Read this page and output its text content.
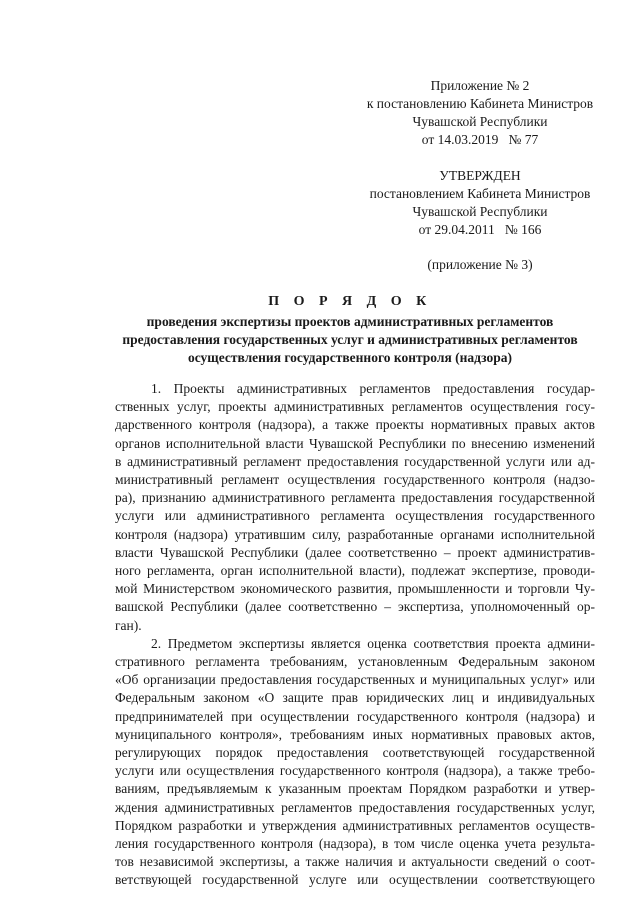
Приложение № 2
к постановлению Кабинета Министров
Чувашской Республики
от 14.03.2019   № 77
УТВЕРЖДЕН
постановлением Кабинета Министров
Чувашской Республики
от 29.04.2011   № 166
(приложение № 3)
П О Р Я Д О К
проведения экспертизы проектов административных регламентов
предоставления государственных услуг и административных регламентов
осуществления государственного контроля (надзора)
1. Проекты административных регламентов предоставления государ-
ственных услуг, проекты административных регламентов осуществления госу-
дарственного контроля (надзора), а также проекты нормативных правых актов
органов исполнительной власти Чувашской Республики по внесению изменений
в административный регламент предоставления государственной услуги или ад-
министративный регламент осуществления государственного контроля (надзо-
ра), признанию административного регламента предоставления государственной
услуги или административного регламента осуществления государственного
контроля (надзора) утратившим силу, разработанные органами исполнительной
власти Чувашской Республики (далее соответственно – проект административ-
ного регламента, орган исполнительной власти), подлежат экспертизе, проводи-
мой Министерством экономического развития, промышленности и торговли Чу-
вашской Республики (далее соответственно – экспертиза, уполномоченный ор-
ган).
2. Предметом экспертизы является оценка соответствия проекта админи-
стративного регламента требованиям, установленным Федеральным законом
«Об организации предоставления государственных и муниципальных услуг» или
Федеральным законом «О защите прав юридических лиц и индивидуальных
предпринимателей при осуществлении государственного контроля (надзора) и
муниципального контроля», требованиям иных нормативных правовых актов,
регулирующих порядок предоставления соответствующей государственной
услуги или осуществления государственного контроля (надзора), а также требо-
ваниям, предъявляемым к указанным проектам Порядком разработки и утвер-
ждения административных регламентов предоставления государственных услуг,
Порядком разработки и утверждения административных регламентов осуществ-
ления государственного контроля (надзора), в том числе оценка учета результа-
тов независимой экспертизы, а также наличия и актуальности сведений о соот-
ветствующей государственной услуге или осуществлении соответствующего
